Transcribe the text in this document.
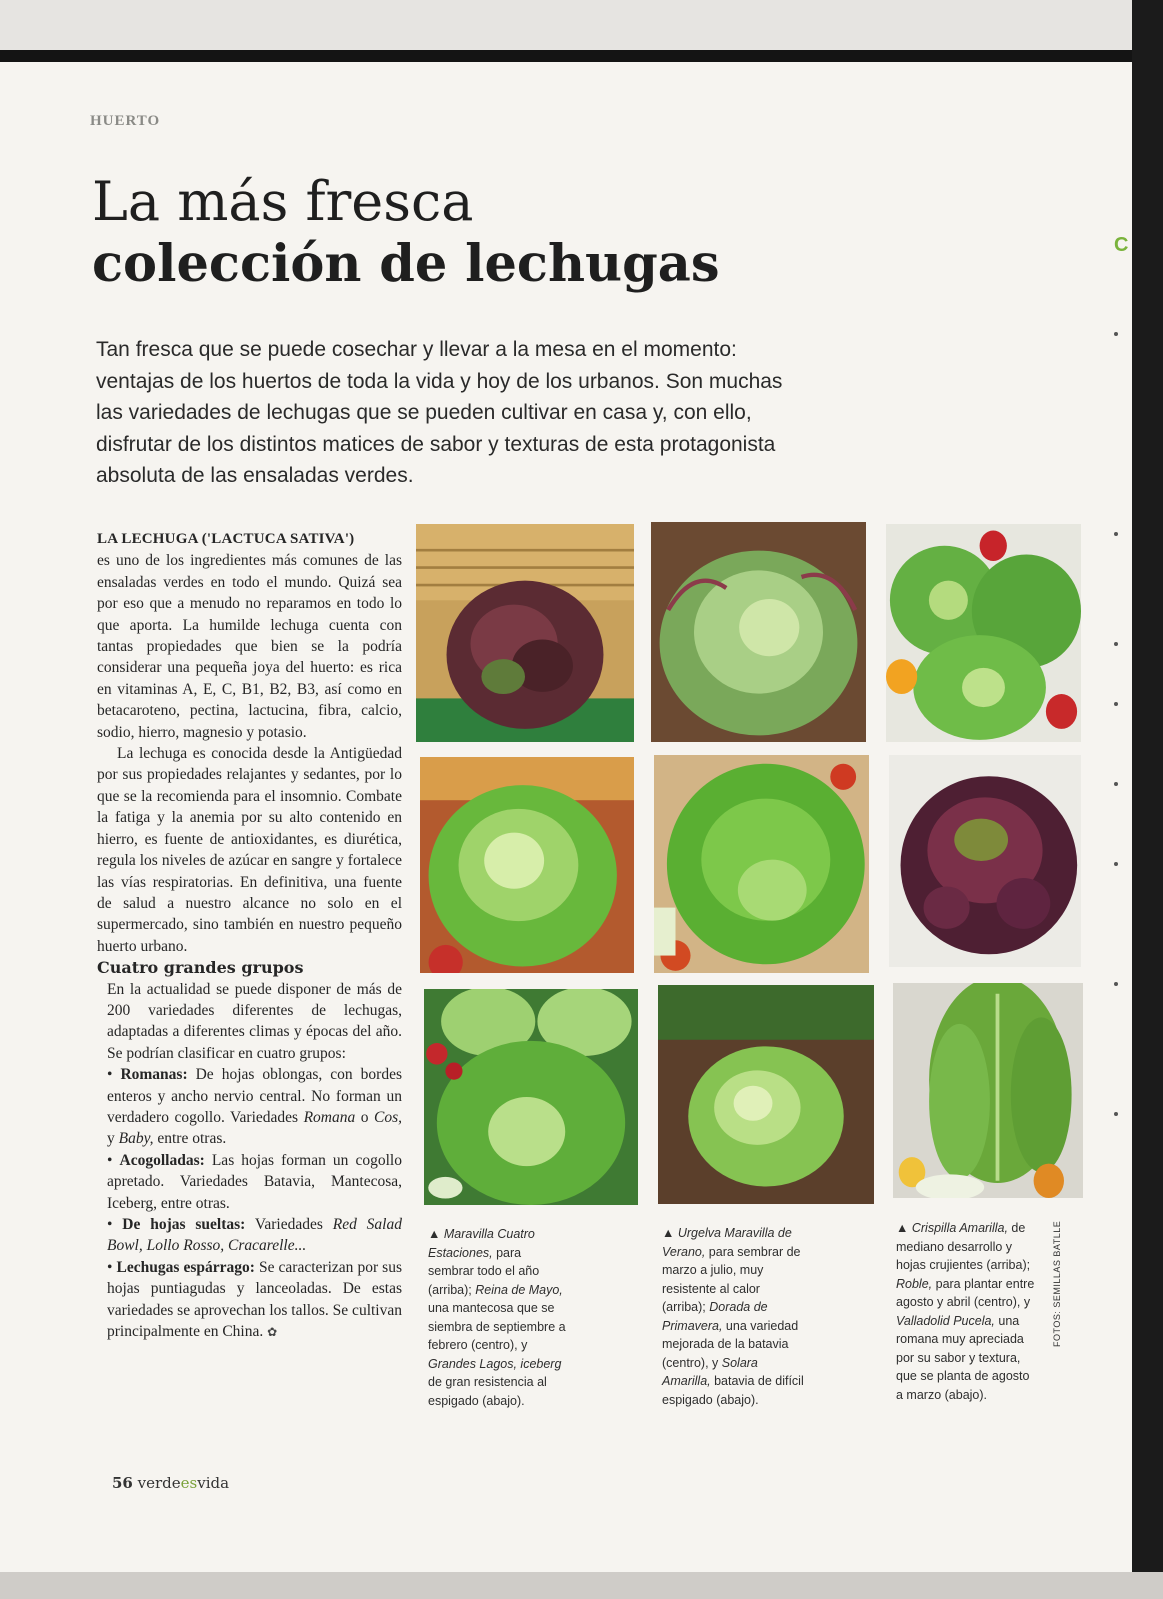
HUERTO
La más fresca
colección de lechugas
Tan fresca que se puede cosechar y llevar a la mesa en el momento: ventajas de los huertos de toda la vida y hoy de los urbanos. Son muchas las variedades de lechugas que se pueden cultivar en casa y, con ello, disfrutar de los distintos matices de sabor y texturas de esta protagonista absoluta de las ensaladas verdes.

LA LECHUGA ('LACTUCA SATIVA')

es uno de los ingredientes más comunes de las ensaladas verdes en todo el mundo. Quizá sea por eso que a menudo no reparamos en todo lo que aporta. La humilde lechuga cuenta con tantas propiedades que bien se la podría considerar una pequeña joya del huerto: es rica en vitaminas A, E, C, B1, B2, B3, así como en betacaroteno, pectina, lactucina, fibra, calcio, sodio, hierro, magnesio y potasio.

La lechuga es conocida desde la Antigüedad por sus propiedades relajantes y sedantes, por lo que se la recomienda para el insomnio. Combate la fatiga y la anemia por su alto contenido en hierro, es fuente de antioxidantes, es diurética, regula los niveles de azúcar en sangre y fortalece las vías respiratorias. En definitiva, una fuente de salud a nuestro alcance no solo en el supermercado, sino también en nuestro pequeño huerto urbano.

Cuatro grandes grupos

En la actualidad se puede disponer de más de 200 variedades diferentes de lechugas, adaptadas a diferentes climas y épocas del año. Se podrían clasificar en cuatro grupos:

• Romanas: De hojas oblongas, con bordes enteros y ancho nervio central. No forman un verdadero cogollo. Variedades Romana o Cos, y Baby, entre otras.

• Acogolladas: Las hojas forman un cogollo apretado. Variedades Batavia, Mantecosa, Iceberg, entre otras.

• De hojas sueltas: Variedades Red Salad Bowl, Lollo Rosso, Cracarelle...

• Lechugas espárrago: Se caracterizan por sus hojas puntiagudas y lanceoladas. De estas variedades se aprovechan los tallos. Se cultivan principalmente en China. ✿

▲ Maravilla Cuatro Estaciones, para sembrar todo el año (arriba); Reina de Mayo, una mantecosa que se siembra de septiembre a febrero (centro), y Grandes Lagos, iceberg de gran resistencia al espigado (abajo).
▲ Urgelva Maravilla de Verano, para sembrar de marzo a julio, muy resistente al calor (arriba); Dorada de Primavera, una variedad mejorada de la batavia (centro), y Solara Amarilla, batavia de difícil espigado (abajo).
▲ Crispilla Amarilla, de mediano desarrollo y hojas crujientes (arriba); Roble, para plantar entre agosto y abril (centro), y Valladolid Pucela, una romana muy apreciada por su sabor y textura, que se planta de agosto a marzo (abajo).
FOTOS: SEMILLAS BATLLE
56 verdeesvida
C
